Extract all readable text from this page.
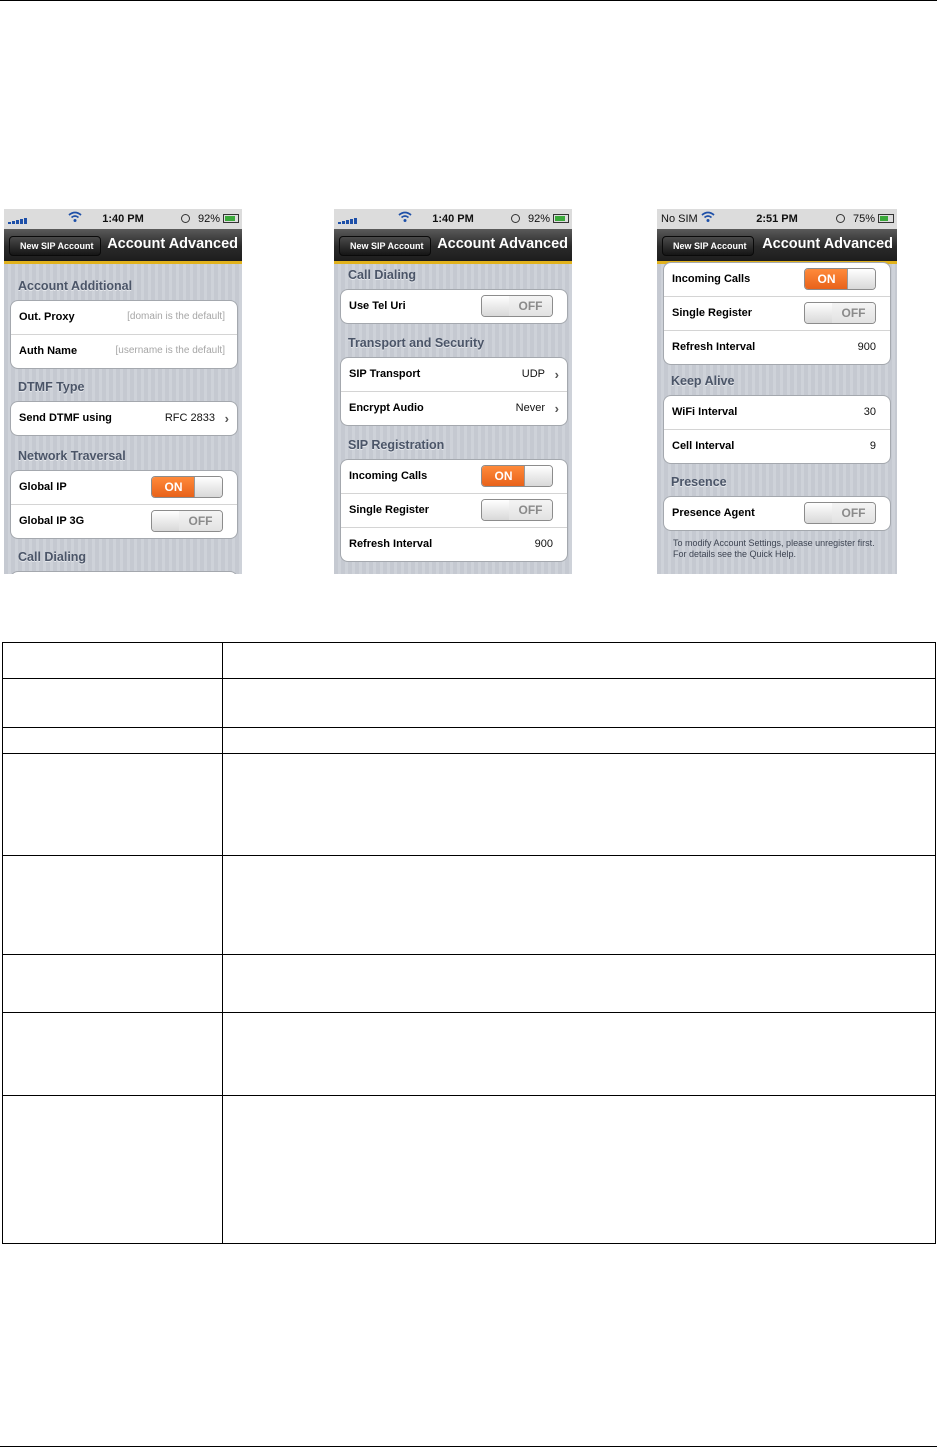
1:40 PM	92%
New SIP Account Account Advanced
Account Additional
Out. Proxy	[domain is the default]
Auth Name	[username is the default]
DTMF Type
Send DTMF using	RFC 2833 ›
Network Traversal
Global IP	ON
Global IP 3G	OFF
Call Dialing
1:40 PM	92%
New SIP Account Account Advanced
Call Dialing
Use Tel Uri	OFF
Transport and Security
SIP Transport	UDP ›
Encrypt Audio	Never ›
SIP Registration
Incoming Calls	ON
Single Register	OFF
Refresh Interval	900
No SIM	2:51 PM	75%
New SIP Account	Account Advanced
Incoming Calls	ON
Single Register	OFF
Refresh Interval	900
Keep Alive
WiFi Interval	30
Cell Interval	9
Presence
Presence Agent	OFF
To modify Account Settings, please unregister first. For details see the Quick Help.
